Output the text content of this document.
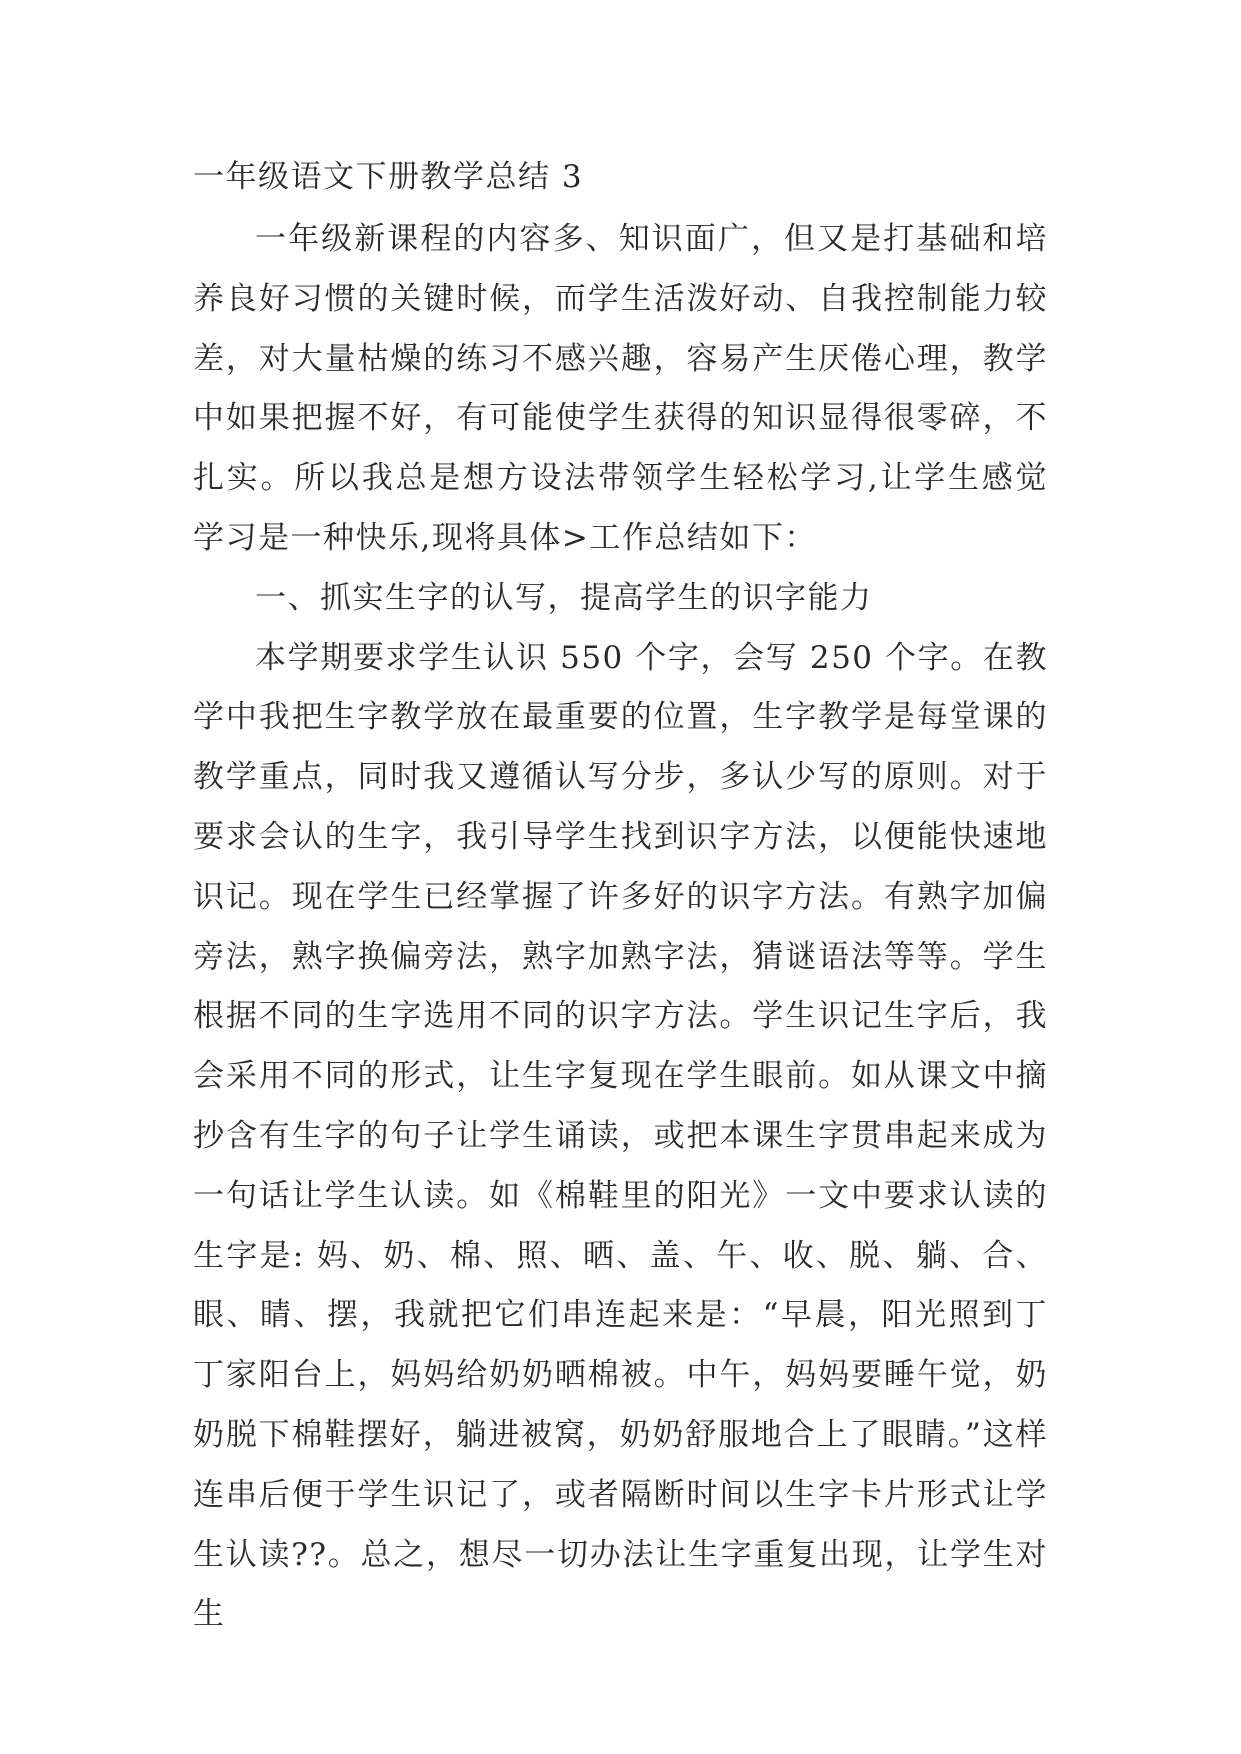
一年级语文下册教学总结 3

一年级新课程的内容多、知识面广，但又是打基础和培养良好习惯的关键时候，而学生活泼好动、自我控制能力较差，对大量枯燥的练习不感兴趣，容易产生厌倦心理，教学中如果把握不好，有可能使学生获得的知识显得很零碎，不扎实。所以我总是想方设法带领学生轻松学习,让学生感觉学习是一种快乐,现将具体>工作总结如下：

一、抓实生字的认写，提高学生的识字能力

本学期要求学生认识 550 个字，会写 250 个字。在教学中我把生字教学放在最重要的位置，生字教学是每堂课的教学重点，同时我又遵循认写分步，多认少写的原则。对于要求会认的生字，我引导学生找到识字方法，以便能快速地识记。现在学生已经掌握了许多好的识字方法。有熟字加偏旁法，熟字换偏旁法，熟字加熟字法，猜谜语法等等。学生根据不同的生字选用不同的识字方法。学生识记生字后，我会采用不同的形式，让生字复现在学生眼前。如从课文中摘抄含有生字的句子让学生诵读，或把本课生字贯串起来成为一句话让学生认读。如《棉鞋里的阳光》一文中要求认读的生字是: 妈、奶、棉、照、晒、盖、午、收、脱、躺、合、眼、睛、摆，我就把它们串连起来是：“早晨，阳光照到丁丁家阳台上，妈妈给奶奶晒棉被。中午，妈妈要睡午觉，奶奶脱下棉鞋摆好，躺进被窝，奶奶舒服地合上了眼睛。”这样连串后便于学生识记了，或者隔断时间以生字卡片形式让学生认读??。总之，想尽一切办法让生字重复出现，让学生对生
